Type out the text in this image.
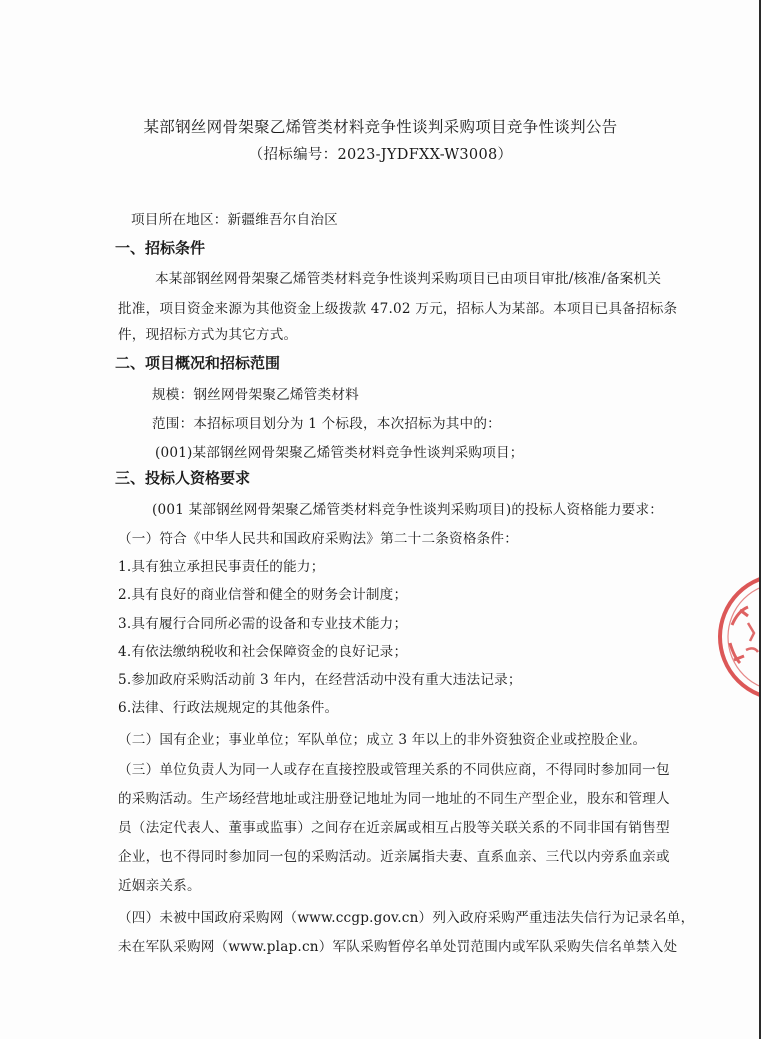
某部钢丝网骨架聚乙烯管类材料竞争性谈判采购项目竞争性谈判公告
（招标编号：2023-JYDFXX-W3008）
项目所在地区：新疆维吾尔自治区
一、招标条件
本某部钢丝网骨架聚乙烯管类材料竞争性谈判采购项目已由项目审批/核准/备案机关
批准，项目资金来源为其他资金上级拨款 47.02 万元，招标人为某部。本项目已具备招标条
件，现招标方式为其它方式。
二、项目概况和招标范围
规模：钢丝网骨架聚乙烯管类材料
范围：本招标项目划分为 1 个标段，本次招标为其中的：
(001)某部钢丝网骨架聚乙烯管类材料竞争性谈判采购项目；
三、投标人资格要求
(001 某部钢丝网骨架聚乙烯管类材料竞争性谈判采购项目)的投标人资格能力要求：
（一）符合《中华人民共和国政府采购法》第二十二条资格条件：
1.具有独立承担民事责任的能力；
2.具有良好的商业信誉和健全的财务会计制度；
3.具有履行合同所必需的设备和专业技术能力；
4.有依法缴纳税收和社会保障资金的良好记录；
5.参加政府采购活动前 3 年内，在经营活动中没有重大违法记录；
6.法律、行政法规规定的其他条件。
（二）国有企业；事业单位；军队单位；成立 3 年以上的非外资独资企业或控股企业。
（三）单位负责人为同一人或存在直接控股或管理关系的不同供应商，不得同时参加同一包
的采购活动。生产场经营地址或注册登记地址为同一地址的不同生产型企业，股东和管理人
员（法定代表人、董事或监事）之间存在近亲属或相互占股等关联关系的不同非国有销售型
企业，也不得同时参加同一包的采购活动。近亲属指夫妻、直系血亲、三代以内旁系血亲或
近姻亲关系。
（四）未被中国政府采购网（www.ccgp.gov.cn）列入政府采购严重违法失信行为记录名单，
未在军队采购网（www.plap.cn）军队采购暂停名单处罚范围内或军队采购失信名单禁入处
